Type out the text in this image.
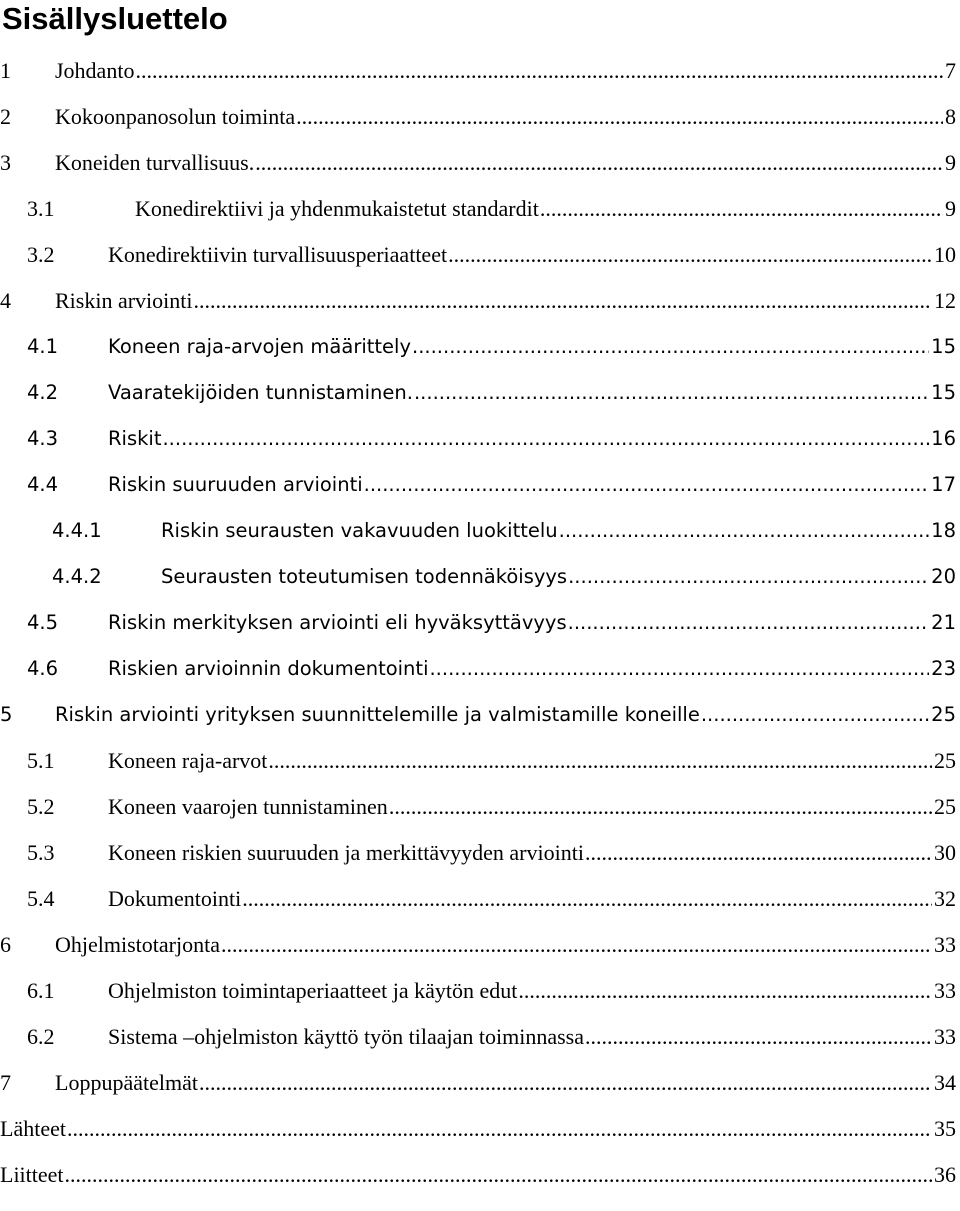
Sisällysluettelo
1	Johdanto .....	7
2	Kokoonpanosolun toiminta .....	8
3	Koneiden turvallisuus. .....	9
3.1	Konedirektiivi ja yhdenmukaistetut standardit .....	9
3.2	Konedirektiivin turvallisuusperiaatteet .....	10
4	Riskin arviointi .....	12
4.1	Koneen raja-arvojen määrittely .....	15
4.2	Vaaratekijöiden tunnistaminen. .....	15
4.3	Riskit .....	16
4.4	Riskin suuruuden arviointi .....	17
4.4.1	Riskin seurausten vakavuuden luokittelu .....	18
4.4.2	Seurausten toteutumisen todennäköisyys .....	20
4.5	Riskin merkityksen arviointi eli hyväksyttävyys .....	21
4.6	Riskien arvioinnin dokumentointi .....	23
5	Riskin arviointi yrityksen suunnittelemille ja valmistamille koneille .....	25
5.1	Koneen raja-arvot .....	25
5.2	Koneen vaarojen tunnistaminen .....	25
5.3	Koneen riskien suuruuden ja merkittävyyden arviointi .....	30
5.4	Dokumentointi .....	32
6	Ohjelmistotarjonta .....	33
6.1	Ohjelmiston toimintaperiaatteet ja käytön edut .....	33
6.2	Sistema –ohjelmiston käyttö työn tilaajan toiminnassa .....	33
7	Loppupäätelmät .....	34
Lähteet .....	35
Liitteet .....	36
